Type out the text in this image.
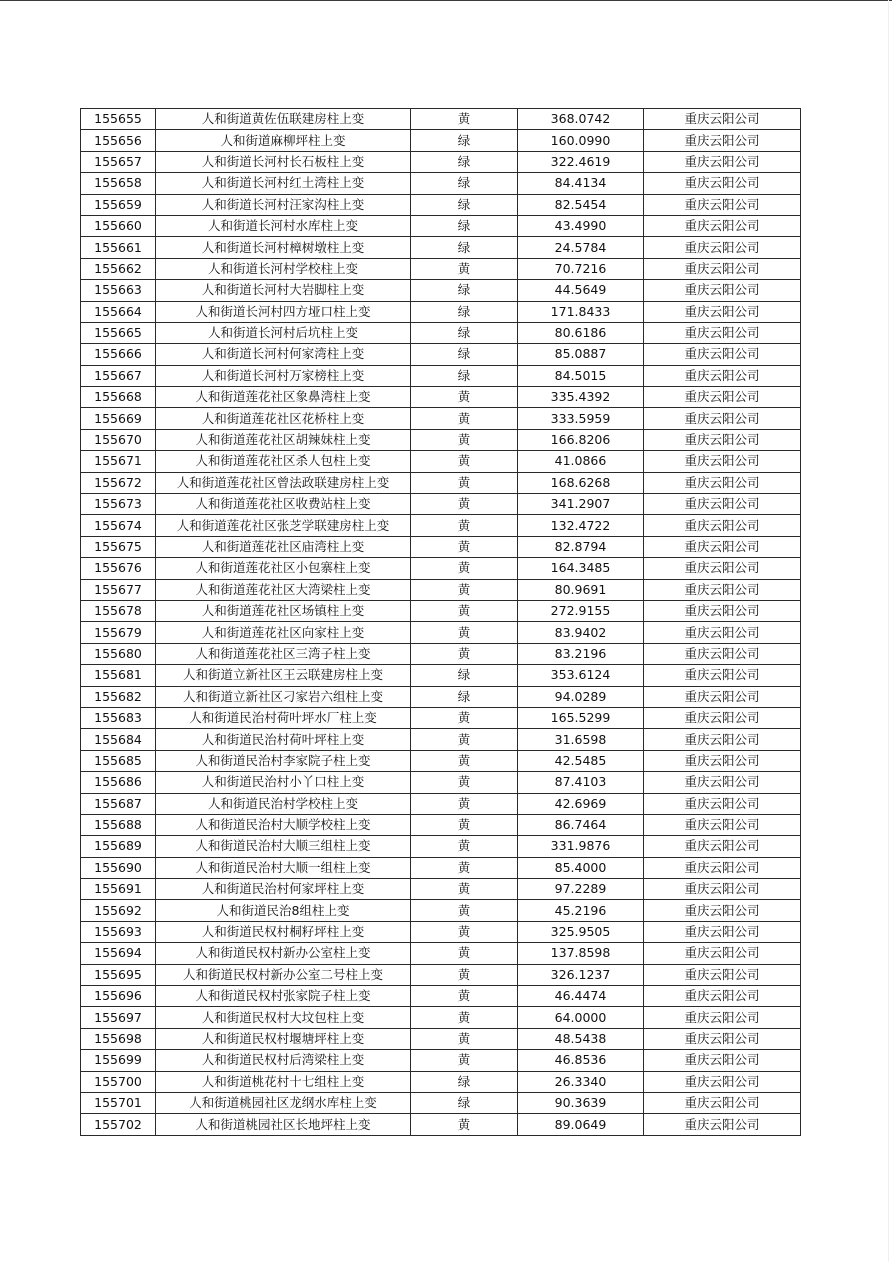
155655	人和街道黄佐伍联建房柱上变	黄	368.0742	重庆云阳公司
155656	人和街道麻柳坪柱上变	绿	160.0990	重庆云阳公司
155657	人和街道长河村长石板柱上变	绿	322.4619	重庆云阳公司
155658	人和街道长河村红土湾柱上变	绿	84.4134	重庆云阳公司
155659	人和街道长河村汪家沟柱上变	绿	82.5454	重庆云阳公司
155660	人和街道长河村水库柱上变	绿	43.4990	重庆云阳公司
155661	人和街道长河村樟树墩柱上变	绿	24.5784	重庆云阳公司
155662	人和街道长河村学校柱上变	黄	70.7216	重庆云阳公司
155663	人和街道长河村大岩脚柱上变	绿	44.5649	重庆云阳公司
155664	人和街道长河村四方垭口柱上变	绿	171.8433	重庆云阳公司
155665	人和街道长河村后坑柱上变	绿	80.6186	重庆云阳公司
155666	人和街道长河村何家湾柱上变	绿	85.0887	重庆云阳公司
155667	人和街道长河村万家榜柱上变	绿	84.5015	重庆云阳公司
155668	人和街道莲花社区象鼻湾柱上变	黄	335.4392	重庆云阳公司
155669	人和街道莲花社区花桥柱上变	黄	333.5959	重庆云阳公司
155670	人和街道莲花社区胡辣妹柱上变	黄	166.8206	重庆云阳公司
155671	人和街道莲花社区杀人包柱上变	黄	41.0866	重庆云阳公司
155672	人和街道莲花社区曾法政联建房柱上变	黄	168.6268	重庆云阳公司
155673	人和街道莲花社区收费站柱上变	黄	341.2907	重庆云阳公司
155674	人和街道莲花社区张芝学联建房柱上变	黄	132.4722	重庆云阳公司
155675	人和街道莲花社区庙湾柱上变	黄	82.8794	重庆云阳公司
155676	人和街道莲花社区小包寨柱上变	黄	164.3485	重庆云阳公司
155677	人和街道莲花社区大湾梁柱上变	黄	80.9691	重庆云阳公司
155678	人和街道莲花社区场镇柱上变	黄	272.9155	重庆云阳公司
155679	人和街道莲花社区向家柱上变	黄	83.9402	重庆云阳公司
155680	人和街道莲花社区三湾子柱上变	黄	83.2196	重庆云阳公司
155681	人和街道立新社区王云联建房柱上变	绿	353.6124	重庆云阳公司
155682	人和街道立新社区刁家岩六组柱上变	绿	94.0289	重庆云阳公司
155683	人和街道民治村荷叶坪水厂柱上变	黄	165.5299	重庆云阳公司
155684	人和街道民治村荷叶坪柱上变	黄	31.6598	重庆云阳公司
155685	人和街道民治村李家院子柱上变	黄	42.5485	重庆云阳公司
155686	人和街道民治村小丫口柱上变	黄	87.4103	重庆云阳公司
155687	人和街道民治村学校柱上变	黄	42.6969	重庆云阳公司
155688	人和街道民治村大顺学校柱上变	黄	86.7464	重庆云阳公司
155689	人和街道民治村大顺三组柱上变	黄	331.9876	重庆云阳公司
155690	人和街道民治村大顺一组柱上变	黄	85.4000	重庆云阳公司
155691	人和街道民治村何家坪柱上变	黄	97.2289	重庆云阳公司
155692	人和街道民治8组柱上变	黄	45.2196	重庆云阳公司
155693	人和街道民权村桐籽坪柱上变	黄	325.9505	重庆云阳公司
155694	人和街道民权村新办公室柱上变	黄	137.8598	重庆云阳公司
155695	人和街道民权村新办公室二号柱上变	黄	326.1237	重庆云阳公司
155696	人和街道民权村张家院子柱上变	黄	46.4474	重庆云阳公司
155697	人和街道民权村大坟包柱上变	黄	64.0000	重庆云阳公司
155698	人和街道民权村堰塘坪柱上变	黄	48.5438	重庆云阳公司
155699	人和街道民权村后湾梁柱上变	黄	46.8536	重庆云阳公司
155700	人和街道桃花村十七组柱上变	绿	26.3340	重庆云阳公司
155701	人和街道桃园社区龙纲水库柱上变	绿	90.3639	重庆云阳公司
155702	人和街道桃园社区长地坪柱上变	黄	89.0649	重庆云阳公司
